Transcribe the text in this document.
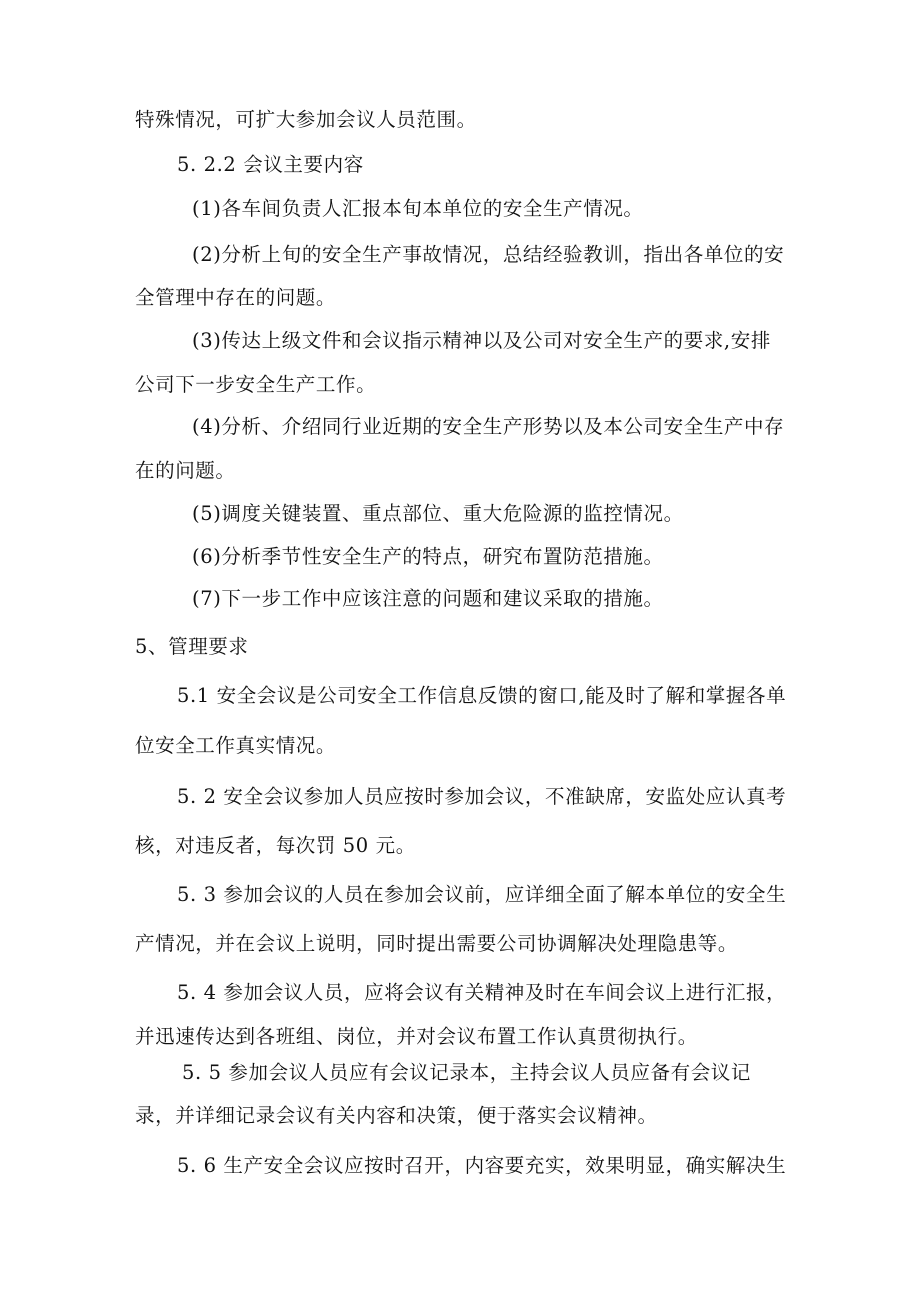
特殊情况，可扩大参加会议人员范围。
5. 2.2 会议主要内容
(1)各车间负责人汇报本旬本单位的安全生产情况。
(2)分析上旬的安全生产事故情况，总结经验教训，指出各单位的安
全管理中存在的问题。
(3)传达上级文件和会议指示精神以及公司对安全生产的要求,安排
公司下一步安全生产工作。
(4)分析、介绍同行业近期的安全生产形势以及本公司安全生产中存
在的问题。
(5)调度关键装置、重点部位、重大危险源的监控情况。
(6)分析季节性安全生产的特点，研究布置防范措施。
(7)下一步工作中应该注意的问题和建议采取的措施。
5、管理要求
5.1 安全会议是公司安全工作信息反馈的窗口,能及时了解和掌握各单
位安全工作真实情况。
5. 2 安全会议参加人员应按时参加会议，不准缺席，安监处应认真考
核，对违反者，每次罚 50 元。
5. 3 参加会议的人员在参加会议前，应详细全面了解本单位的安全生
产情况，并在会议上说明，同时提出需要公司协调解决处理隐患等。
5. 4 参加会议人员，应将会议有关精神及时在车间会议上进行汇报，
并迅速传达到各班组、岗位，并对会议布置工作认真贯彻执行。
5. 5 参加会议人员应有会议记录本，主持会议人员应备有会议记
录，并详细记录会议有关内容和决策，便于落实会议精神。
5. 6 生产安全会议应按时召开，内容要充实，效果明显，确实解决生
